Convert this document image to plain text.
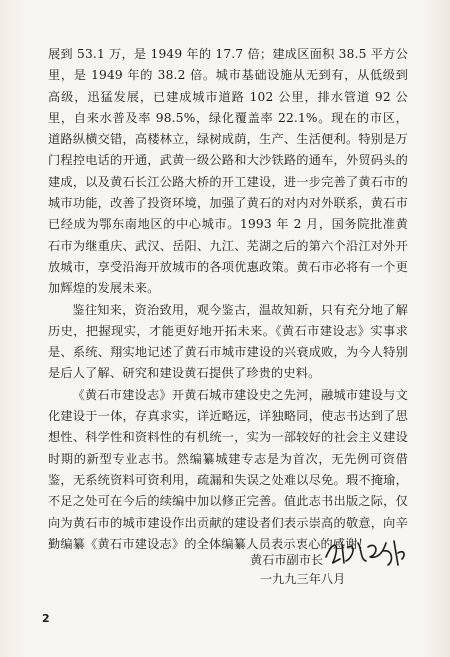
展到 53.1 万，是 1949 年的 17.7 倍；建成区面积 38.5 平方公里，是 1949 年的 38.2 倍。城市基础设施从无到有，从低级到高级，迅猛发展，已建成城市道路 102 公里，排水管道 92 公里，自来水普及率 98.5%，绿化覆盖率 22.1%。现在的市区，道路纵横交错，高楼林立，绿树成荫，生产、生活便利。特别是万门程控电话的开通，武黄一级公路和大沙铁路的通车，外贸码头的建成，以及黄石长江公路大桥的开工建设，进一步完善了黄石市的城市功能，改善了投资环境，加强了黄石的对内对外联系，黄石市已经成为鄂东南地区的中心城市。1993 年 2 月，国务院批准黄石市为继重庆、武汉、岳阳、九江、芜湖之后的第六个沿江对外开放城市，享受沿海开放城市的各项优惠政策。黄石市必将有一个更加辉煌的发展未来。

鉴往知来，资治致用，观今鉴古，温故知新，只有充分地了解历史，把握现实，才能更好地开拓未来。《黄石市建设志》实事求是、系统、翔实地记述了黄石市城市建设的兴衰成败，为今人特别是后人了解、研究和建设黄石提供了珍贵的史料。

《黄石市建设志》开黄石城市建设史之先河，融城市建设与文化建设于一体，存真求实，详近略远，详独略同，使志书达到了思想性、科学性和资料性的有机统一，实为一部较好的社会主义建设时期的新型专业志书。然编纂城建专志是为首次，无先例可资借鉴，无系统资料可资利用，疏漏和失误之处难以尽免。瑕不掩瑜，不足之处可在今后的续编中加以修正完善。值此志书出版之际，仅向为黄石市的城市建设作出贡献的建设者们表示崇高的敬意，向辛勤编纂《黄石市建设志》的全体编纂人员表示衷心的感谢！

黄石市副市长
一九九三年八月
2
